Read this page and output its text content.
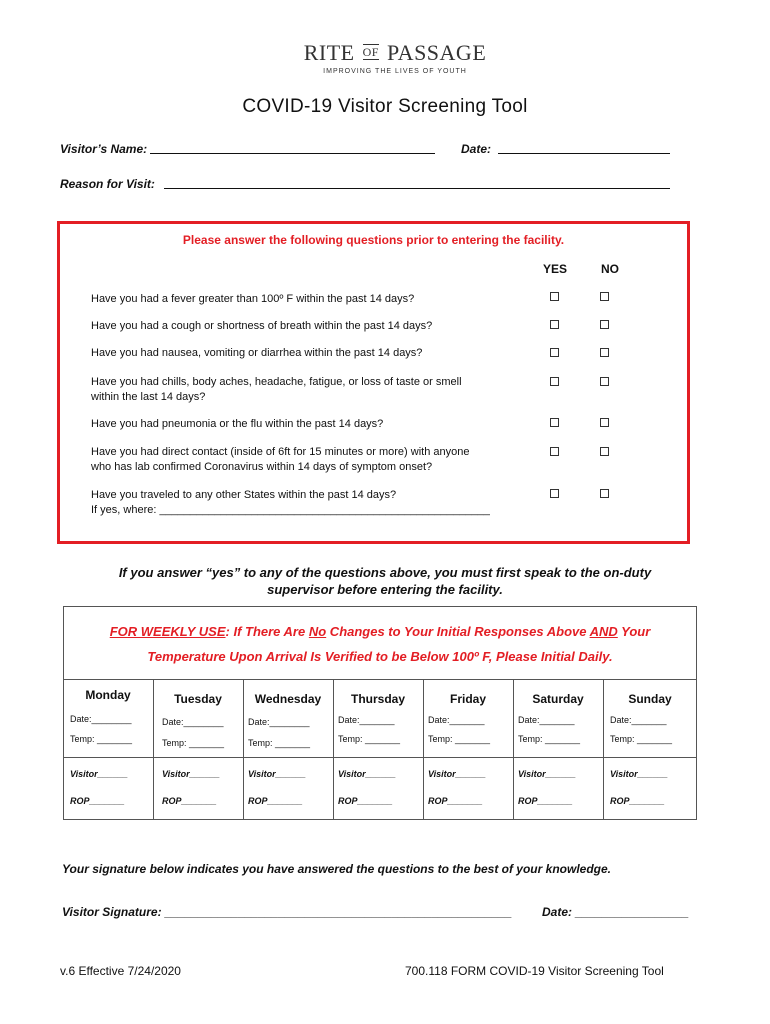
RITE OF PASSAGE
IMPROVING THE LIVES OF YOUTH
COVID-19 Visitor Screening Tool
Visitor’s Name:	Date:
Reason for Visit:
Please answer the following questions prior to entering the facility.
YES	NO
Have you had a fever greater than 100º F within the past 14 days?
Have you had a cough or shortness of breath within the past 14 days?
Have you had nausea, vomiting or diarrhea within the past 14 days?
Have you had chills, body aches, headache, fatigue, or loss of taste or smell
within the last 14 days?
Have you had pneumonia or the flu within the past 14 days?
Have you had direct contact (inside of 6ft for 15 minutes or more) with anyone
who has lab confirmed Coronavirus within 14 days of symptom onset?
Have you traveled to any other States within the past 14 days?
If yes, where: ______________________________________________________
If you answer “yes” to any of the questions above, you must first speak to the on-duty
supervisor before entering the facility.
FOR WEEKLY USE: If There Are No Changes to Your Initial Responses Above AND Your
Temperature Upon Arrival Is Verified to be Below 100º F, Please Initial Daily.
Monday	Tuesday	Wednesday	Thursday	Friday	Saturday	Sunday
Date:________	Date:________	Date:________	Date:_______	Date:_______	Date:_______	Date:_______
Temp: _______	Temp: _______	Temp: _______	Temp: _______	Temp: _______	Temp: _______	Temp: _______
Visitor______	Visitor______	Visitor______	Visitor______	Visitor______	Visitor______	Visitor______
ROP_______	ROP_______	ROP_______	ROP_______	ROP_______	ROP_______	ROP_______
Your signature below indicates you have answered the questions to the best of your knowledge.
Visitor Signature: ____________________________________________________	Date: _________________
v.6 Effective 7/24/2020	700.118 FORM COVID-19 Visitor Screening Tool
